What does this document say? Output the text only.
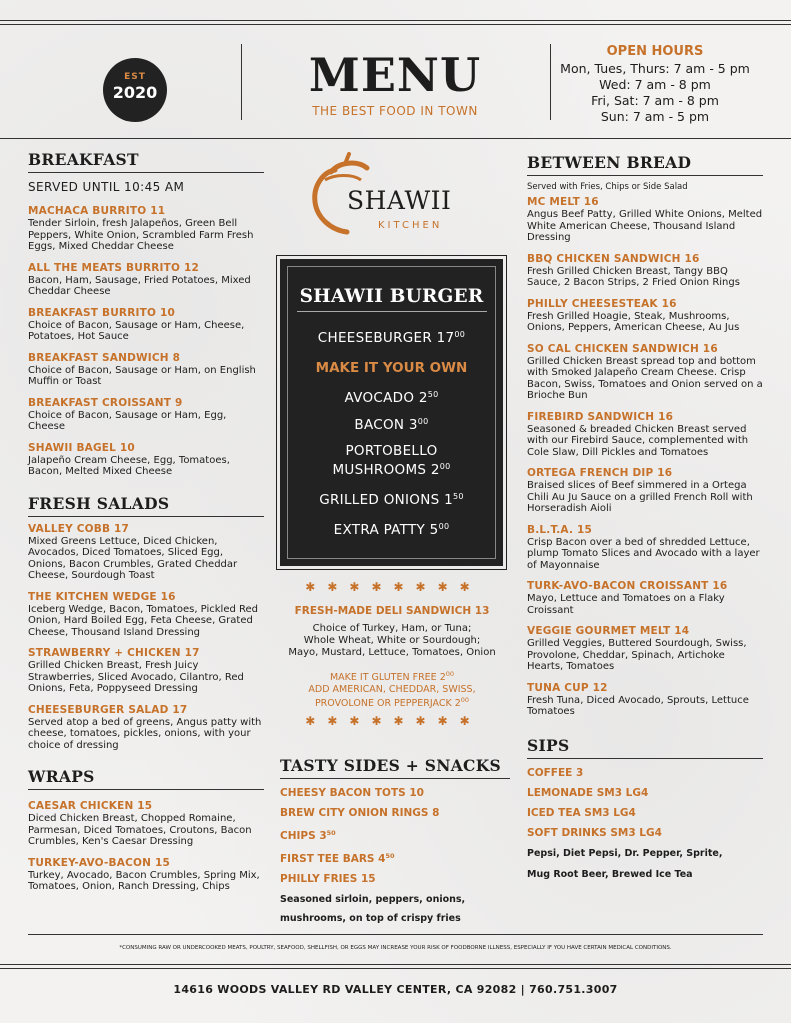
EST
2020	MENU
THE BEST FOOD IN TOWN
OPEN HOURS
Mon, Tues, Thurs: 7 am - 5 pm
Wed: 7 am - 8 pm
Fri, Sat: 7 am - 8 pm
Sun: 7 am - 5 pm
BREAKFAST
SERVED UNTIL 10:45 AM
MACHACA BURRITO 11
Tender Sirloin, fresh Jalapeños, Green Bell Peppers, White Onion, Scrambled Farm Fresh Eggs, Mixed Cheddar Cheese
ALL THE MEATS BURRITO 12
Bacon, Ham, Sausage, Fried Potatoes, Mixed Cheddar Cheese
BREAKFAST BURRITO 10
Choice of Bacon, Sausage or Ham, Cheese, Potatoes, Hot Sauce
BREAKFAST SANDWICH 8
Choice of Bacon, Sausage or Ham, on English Muffin or Toast
BREAKFAST CROISSANT 9
Choice of Bacon, Sausage or Ham, Egg, Cheese
SHAWII BAGEL 10
Jalapeño Cream Cheese, Egg, Tomatoes, Bacon, Melted Mixed Cheese
FRESH SALADS
VALLEY COBB 17
Mixed Greens Lettuce, Diced Chicken, Avocados, Diced Tomatoes, Sliced Egg, Onions, Bacon Crumbles, Grated Cheddar Cheese, Sourdough Toast
THE KITCHEN WEDGE 16
Iceberg Wedge, Bacon, Tomatoes, Pickled Red Onion, Hard Boiled Egg, Feta Cheese, Grated Cheese, Thousand Island Dressing
STRAWBERRY + CHICKEN 17
Grilled Chicken Breast, Fresh Juicy Strawberries, Sliced Avocado, Cilantro, Red Onions, Feta, Poppyseed Dressing
CHEESEBURGER SALAD 17
Served atop a bed of greens, Angus patty with cheese, tomatoes, pickles, onions, with your choice of dressing
WRAPS
CAESAR CHICKEN 15
Diced Chicken Breast, Chopped Romaine, Parmesan, Diced Tomatoes, Croutons, Bacon Crumbles, Ken's Caesar Dressing
TURKEY-AVO-BACON 15
Turkey, Avocado, Bacon Crumbles, Spring Mix, Tomatoes, Onion, Ranch Dressing, Chips
SHAWII
KITCHEN
SHAWII BURGER
CHEESEBURGER $17^{00}$
MAKE IT YOUR OWN
AVOCADO $2^{50}$
BACON $3^{00}$
PORTOBELLO
MUSHROOMS $2^{00}$
GRILLED ONIONS $1^{50}$
EXTRA PATTY $5^{00}$
✱✱✱✱✱✱✱✱
FRESH-MADE DELI SANDWICH 13
Choice of Turkey, Ham, or Tuna;
Whole Wheat, White or Sourdough;
Mayo, Mustard, Lettuce, Tomatoes, Onion
MAKE IT GLUTEN FREE $2^{00}$
ADD AMERICAN, CHEDDAR, SWISS,
PROVOLONE OR PEPPERJACK $2^{00}$
✱✱✱✱✱✱✱✱
TASTY SIDES + SNACKS
CHEESY BACON TOTS 10
BREW CITY ONION RINGS 8
CHIPS $3^{50}$
FIRST TEE BARS $4^{50}$
PHILLY FRIES 15
Seasoned sirloin, peppers, onions,
mushrooms, on top of crispy fries
BETWEEN BREAD
Served with Fries, Chips or Side Salad
MC MELT 16
Angus Beef Patty, Grilled White Onions, Melted White American Cheese, Thousand Island Dressing
BBQ CHICKEN SANDWICH 16
Fresh Grilled Chicken Breast, Tangy BBQ Sauce, 2 Bacon Strips, 2 Fried Onion Rings
PHILLY CHEESESTEAK 16
Fresh Grilled Hoagie, Steak, Mushrooms, Onions, Peppers, American Cheese, Au Jus
SO CAL CHICKEN SANDWICH 16
Grilled Chicken Breast spread top and bottom with Smoked Jalapeño Cream Cheese. Crisp Bacon, Swiss, Tomatoes and Onion served on a Brioche Bun
FIREBIRD SANDWICH 16
Seasoned & breaded Chicken Breast served with our Firebird Sauce, complemented with Cole Slaw, Dill Pickles and Tomatoes
ORTEGA FRENCH DIP 16
Braised slices of Beef simmered in a Ortega Chili Au Ju Sauce on a grilled French Roll with Horseradish Aioli
B.L.T.A. 15
Crisp Bacon over a bed of shredded Lettuce, plump Tomato Slices and Avocado with a layer of Mayonnaise
TURK-AVO-BACON CROISSANT 16
Mayo, Lettuce and Tomatoes on a Flaky Croissant
VEGGIE GOURMET MELT 14
Grilled Veggies, Buttered Sourdough, Swiss, Provolone, Cheddar, Spinach, Artichoke Hearts, Tomatoes
TUNA CUP 12
Fresh Tuna, Diced Avocado, Sprouts, Lettuce Tomatoes
SIPS
COFFEE 3
LEMONADE SM3 LG4
ICED TEA SM3 LG4
SOFT DRINKS SM3 LG4
Pepsi, Diet Pepsi, Dr. Pepper, Sprite,
Mug Root Beer, Brewed Ice Tea
*CONSUMING RAW OR UNDERCOOKED MEATS, POULTRY, SEAFOOD, SHELLFISH, OR EGGS MAY INCREASE YOUR RISK OF FOODBORNE ILLNESS, ESPECIALLY IF YOU HAVE CERTAIN MEDICAL CONDITIONS.
14616 WOODS VALLEY RD VALLEY CENTER, CA 92082 | 760.751.3007
